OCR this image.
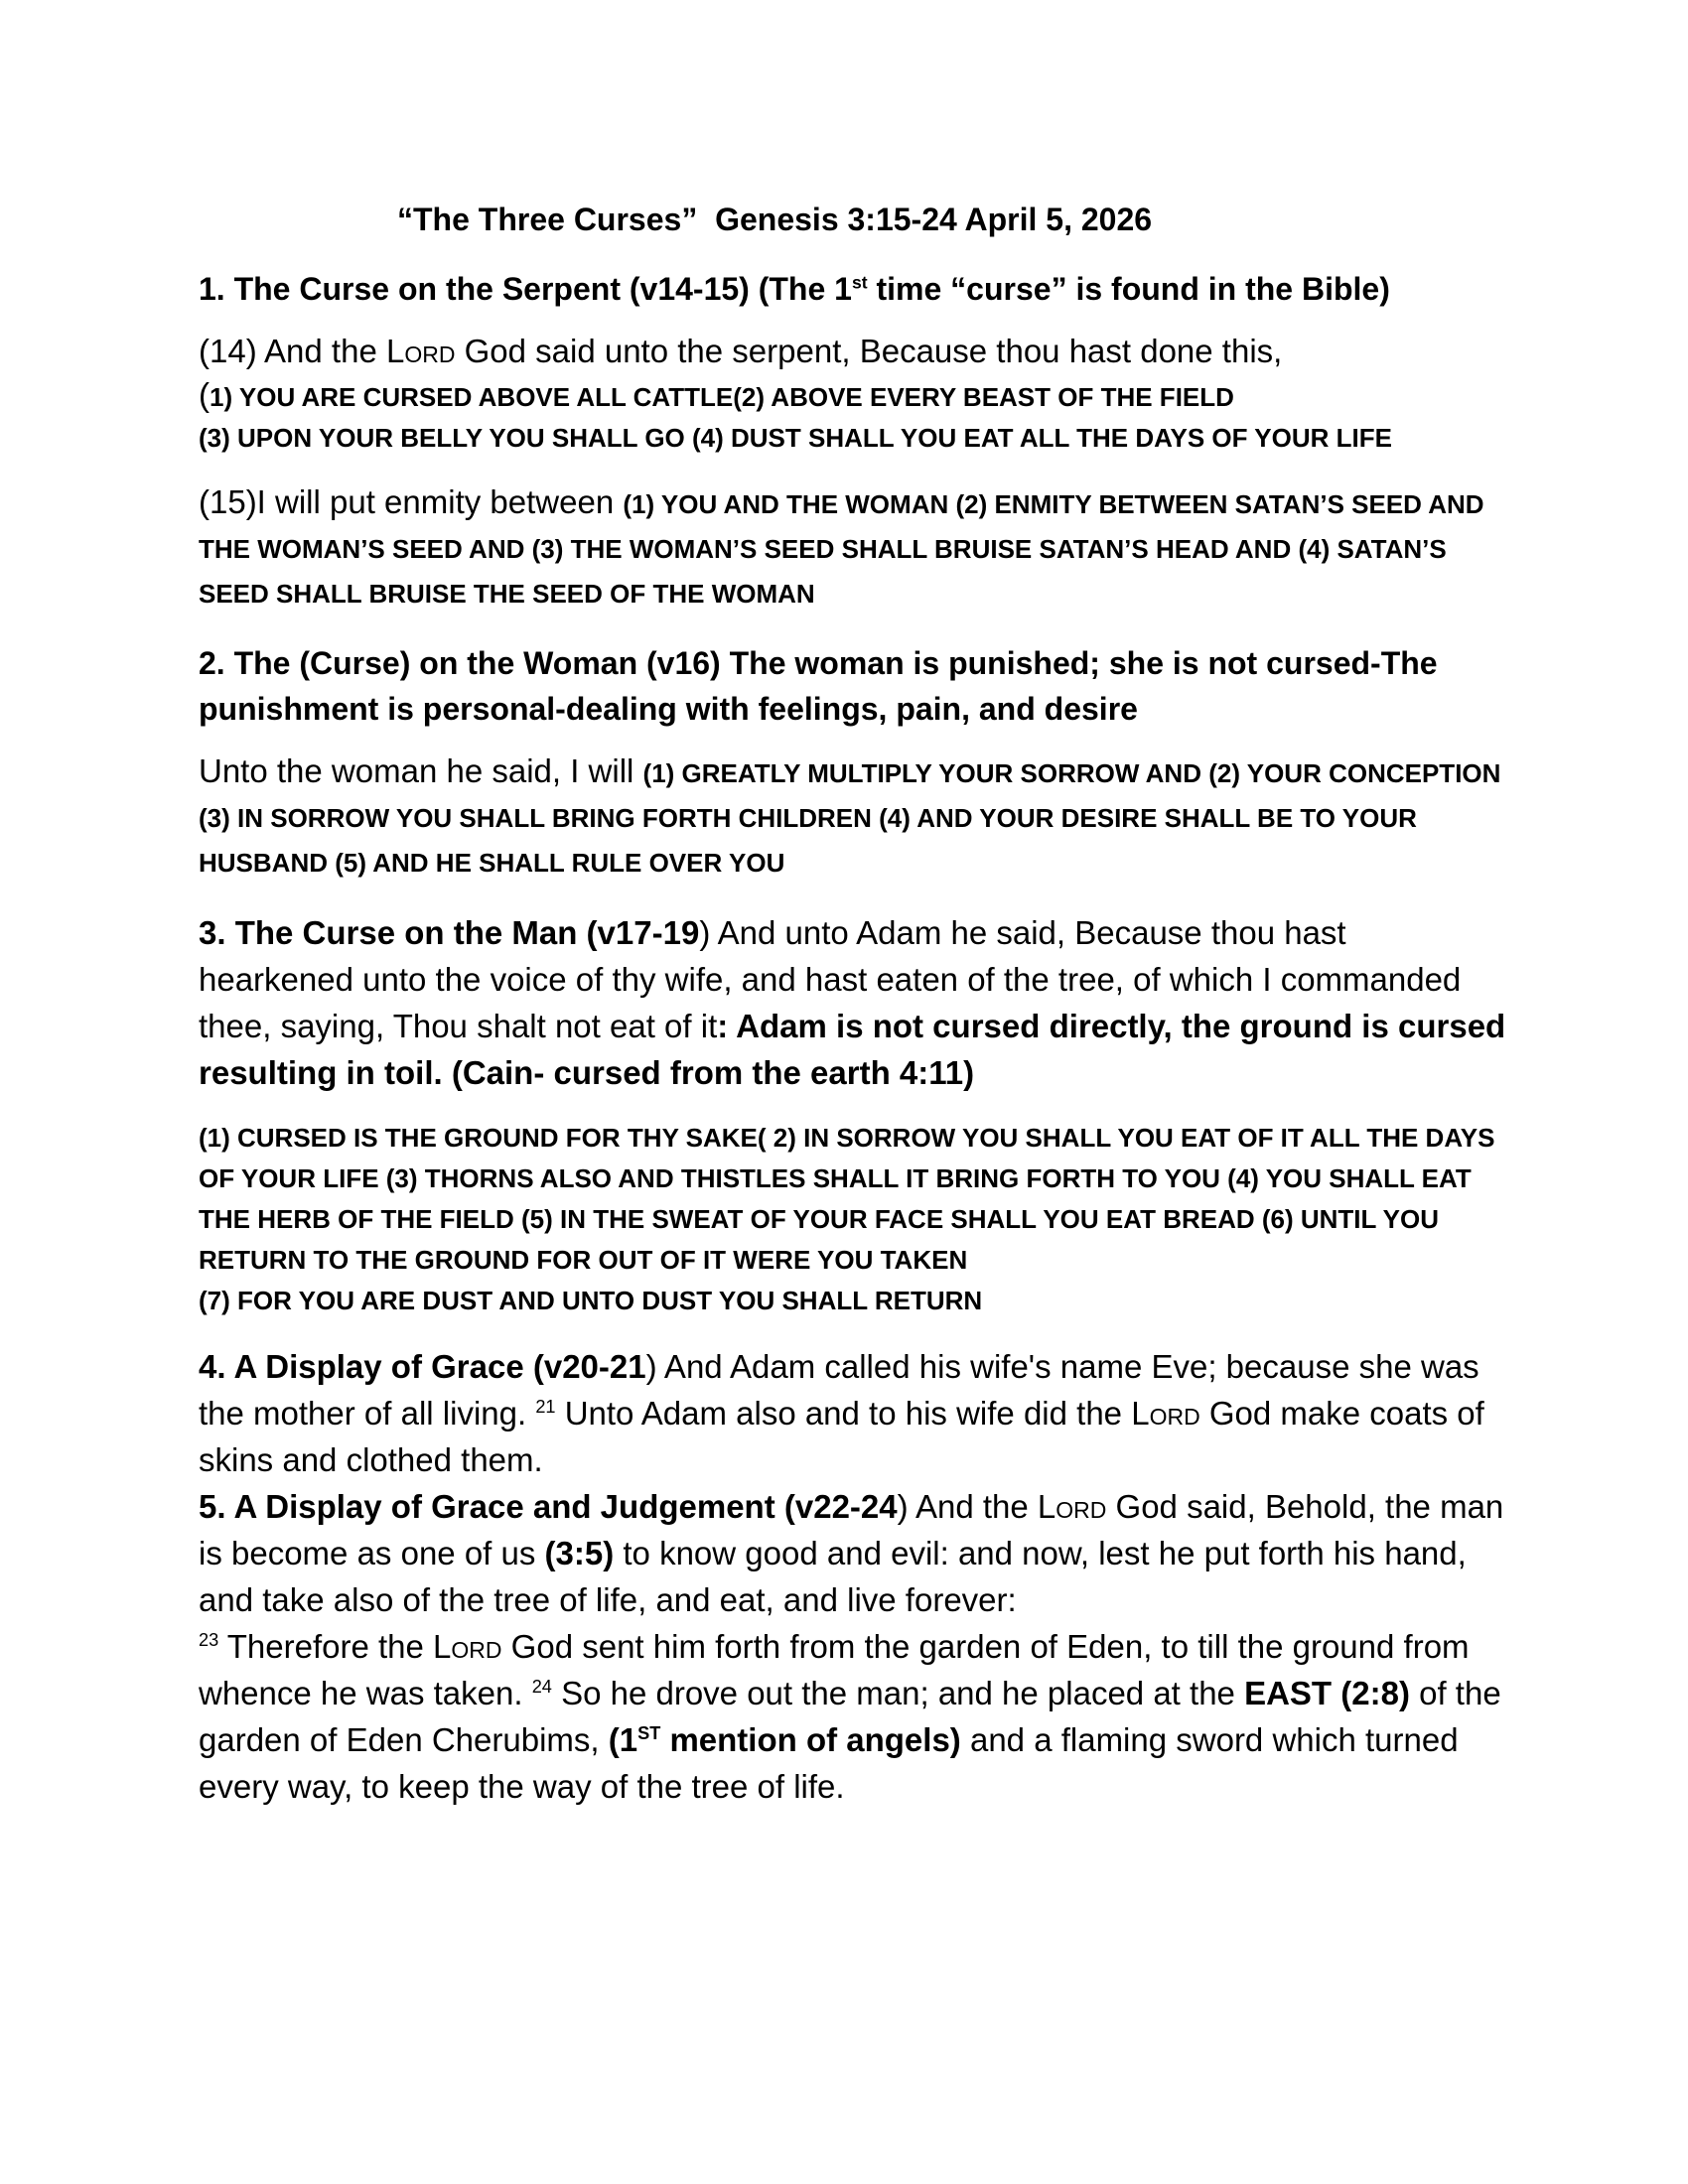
“The Three Curses”  Genesis 3:15-24 April 5, 2026
1. The Curse on the Serpent (v14-15) (The 1st time “curse” is found in the Bible)
(14) And the Lord God said unto the serpent, Because thou hast done this,
(1) YOU ARE CURSED ABOVE ALL CATTLE(2) ABOVE EVERY BEAST OF THE FIELD
(3) UPON YOUR BELLY YOU SHALL GO (4) DUST SHALL YOU EAT ALL THE DAYS OF YOUR LIFE
(15)I will put enmity between (1) YOU AND THE WOMAN (2) ENMITY BETWEEN SATAN’S SEED AND THE WOMAN’S SEED AND (3) THE WOMAN’S SEED SHALL BRUISE SATAN’S HEAD AND (4) SATAN’S SEED SHALL BRUISE THE SEED OF THE WOMAN
2. The (Curse) on the Woman (v16) The woman is punished; she is not cursed-The punishment is personal-dealing with feelings, pain, and desire
Unto the woman he said, I will (1) GREATLY MULTIPLY YOUR SORROW AND (2) YOUR CONCEPTION (3) IN SORROW YOU SHALL BRING FORTH CHILDREN (4) AND YOUR DESIRE SHALL BE TO YOUR HUSBAND (5) AND HE SHALL RULE OVER YOU
3. The Curse on the Man (v17-19) And unto Adam he said, Because thou hast hearkened unto the voice of thy wife, and hast eaten of the tree, of which I commanded thee, saying, Thou shalt not eat of it: Adam is not cursed directly, the ground is cursed resulting in toil. (Cain- cursed from the earth 4:11)
(1) CURSED IS THE GROUND FOR THY SAKE( 2) IN SORROW YOU SHALL YOU EAT OF IT ALL THE DAYS OF YOUR LIFE (3) THORNS ALSO AND THISTLES SHALL IT BRING FORTH TO YOU (4) YOU SHALL EAT THE HERB OF THE FIELD (5) IN THE SWEAT OF YOUR FACE SHALL YOU EAT BREAD (6) UNTIL YOU RETURN TO THE GROUND FOR OUT OF IT WERE YOU TAKEN
(7) FOR YOU ARE DUST AND UNTO DUST YOU SHALL RETURN
4. A Display of Grace (v20-21) And Adam called his wife's name Eve; because she was the mother of all living. $^{21}$ Unto Adam also and to his wife did the Lord God make coats of skins and clothed them.
5. A Display of Grace and Judgement (v22-24) And the Lord God said, Behold, the man is become as one of us (3:5) to know good and evil: and now, lest he put forth his hand, and take also of the tree of life, and eat, and live forever:
$^{23}$ Therefore the Lord God sent him forth from the garden of Eden, to till the ground from whence he was taken. $^{24}$ So he drove out the man; and he placed at the EAST (2:8) of the garden of Eden Cherubims, (1ST mention of angels) and a flaming sword which turned every way, to keep the way of the tree of life.
